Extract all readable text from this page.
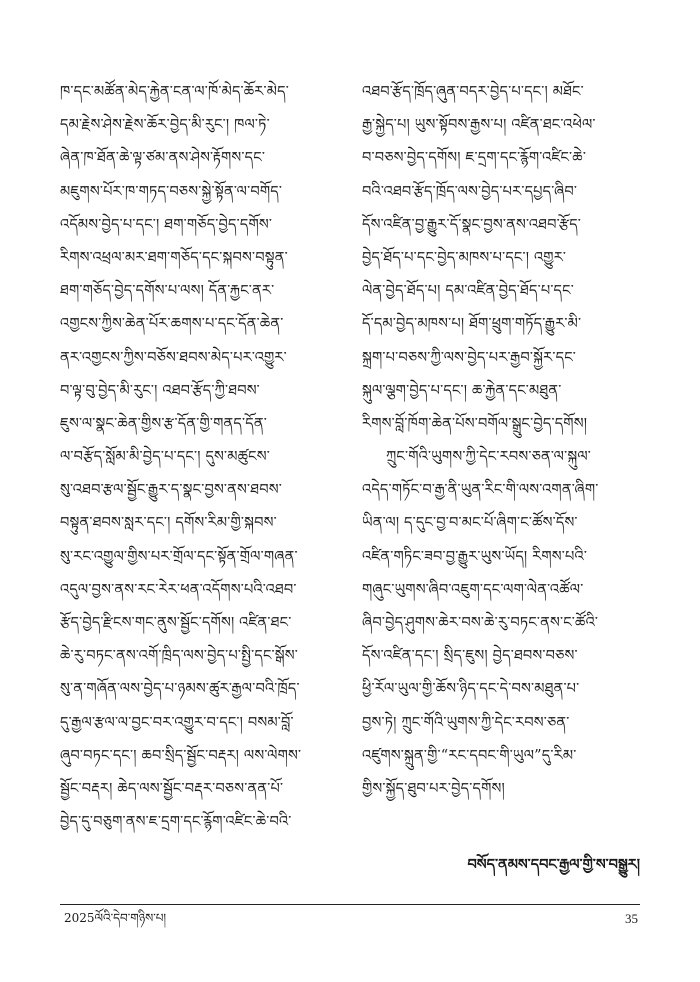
ཁ་དང་མཚོན་མེད་རྐྱེན་ངན་ལ་ཁོ་མེད་ཆོར་མེད་
དམ་རྗེས་ཤེས་རྗེས་ཆོར་བྱེད་མི་རུང་། ཁལ་ཏེ་
ཞེན་ཁ་ཐོན་ཆེ་ལྟ་ཙམ་ནས་ཤེས་རྟོགས་དང་
མཇུགས་པོར་ཁ་གཏད་བཅས་སྐྱེ་སྟོན་ལ་བགོད་
འདོམས་བྱེད་པ་དང་། ཐག་གཅོད་བྱེད་དགོས་
རིགས་འཕྲལ་མར་ཐག་གཅོད་དང་སྐབས་བསྟུན་
ཐག་གཅོད་བྱེད་དགོས་པ་ལས། དོན་རྐྱང་ནར་
འགྱངས་ཀྱིས་ཆེན་པོར་ཆགས་པ་དང་དོན་ཆེན་
ནར་འགྱངས་ཀྱིས་བཅོས་ཐབས་མེད་པར་འགྱུར་
བ་ལྟ་བུ་བྱེད་མི་རུང་། འཐབ་རྩོད་ཀྱི་ཐབས་
ཇུས་ལ་སྣང་ཆེན་གྱིས་རྩ་དོན་གྱི་གནད་དོན་
ལ་བརྩོད་སློམ་མི་བྱེད་པ་དང་། དུས་མཚུངས་
སུ་འཐབ་རྩལ་སྦྱོང་རྒྱུར་ད་སྣང་བྱས་ནས་ཐབས་
བསྟུན་ཐབས་སླར་དང་། དགོས་རིམ་གྱི་སྐབས་
སུ་རང་འགྱུལ་གྱིས་པར་གྲོལ་དང་སྟོན་གྲོལ་གཞན་
འདུལ་བྱས་ནས་རང་རེར་ཕན་འདོགས་པའི་འཐབ་
རྩོད་བྱེད་རྫིངས་གང་ནུས་སྦྱོང་དགོས། འཛིན་ཐང་
ཆེ་རུ་བཏང་ནས་འགོ་ཁྲིད་ལས་བྱེད་པ་སྤྱི་དང་སྒོས་
སུ་ན་གཞོན་ལས་བྱེད་པ་ཉམས་ཚུར་རྒྱལ་བའི་ཁྲོད་
དུ་རྒྱལ་རྩལ་ལ་བྱང་བར་འགྱུར་བ་དང་། བསམ་བློ་
ཞུབ་བཏང་དང་། ཆབ་སྲིད་སྦྱོང་བརྡར། ལས་ལེགས་
སྦྱོང་བརྡར། ཆེད་ལས་སྦྱོང་བརྡར་བཅས་ནན་པོ་
བྱེད་དུ་བཅུག་ནས་ཇ་དྲག་དང་རྙོག་འཛིང་ཆེ་བའི་
འཐབ་རྩོད་ཁྲོད་ཞུན་བདར་བྱེད་པ་དང་། མཐོང་
རྒྱ་སྐྱེད་པ། ཡུས་སྟོབས་རྒྱས་པ། འཛིན་ཐང་འཕེལ་
བ་བཅས་བྱེད་དགོས། ཇ་དྲག་དང་རྙོག་འཛིང་ཆེ་
བའི་འཐབ་རྩོད་ཁྲོད་ལས་བྱེད་པར་དཔྱད་ཞིབ་
དོས་འཛིན་བྱ་རྒྱུར་དོ་སྣང་བྱས་ནས་འཐབ་རྩོད་
བྱེད་ཐོད་པ་དང་བྱེད་མཁས་པ་དང་། འགྱུར་
ལེན་བྱེད་ཐོད་པ། དམ་འཛིན་བྱེད་ཐོད་པ་དང་
དོ་དམ་བྱེད་མཁས་པ། ཐོག་ཕྲུག་གཏོད་རྒྱུར་མི་
སྐྲག་པ་བཅས་ཀྱི་ལས་བྱེད་པར་རྒྱབ་སྐྱོར་དང་
སྐུལ་ལྕག་བྱེད་པ་དང་། ཆ་རྐྱེན་དང་མཐུན་
རིགས་བློ་ཁོག་ཆེན་པོས་བགོལ་སྒྲུང་བྱེད་དགོས།
ཀྲུང་གོའི་ཡུགས་ཀྱི་དེང་རབས་ཅན་ལ་སྐུལ་
འདེད་གཏོང་བ་རྒྱ་ནི་ཡུན་རིང་གི་ལས་འགན་ཞིག་
ཡིན་ལ། ད་དུང་བྱ་བ་མང་པོ་ཞིག་ང་ཚོས་དོས་
འཛིན་གཏིང་ཟབ་བྱ་རྒྱུར་ཡུས་ཡོད། རིགས་པའི་
གཞུང་ཡུགས་ཞིབ་འཇུག་དང་ལག་ལེན་འཚོལ་
ཞིབ་བྱེད་ཤུགས་ཆེར་བས་ཆེ་རུ་བཏང་ནས་ང་ཚོའི་
དོས་འཛིན་དང་། སྲིད་ཇུས། བྱེད་ཐབས་བཅས་
ཕྱི་རོལ་ཡུལ་གྱི་ཆོས་ཉིད་དང་དེ་བས་མཐུན་པ་
བྱས་ཏེ། ཀྲུང་གོའི་ཡུགས་ཀྱི་དེང་རབས་ཅན་
འཛུགས་སྐྲུན་གྱི་“རང་དབང་གི་ཡུལ”དུ་རིམ་
གྱིས་སྐྱོད་ཐུབ་པར་བྱེད་དགོས།
བསོད་ནམས་དབང་རྒྱལ་གྱི་ས་བསྒྱུར།
2025ལོའི་དེབ་གཉིས་པ།	35
